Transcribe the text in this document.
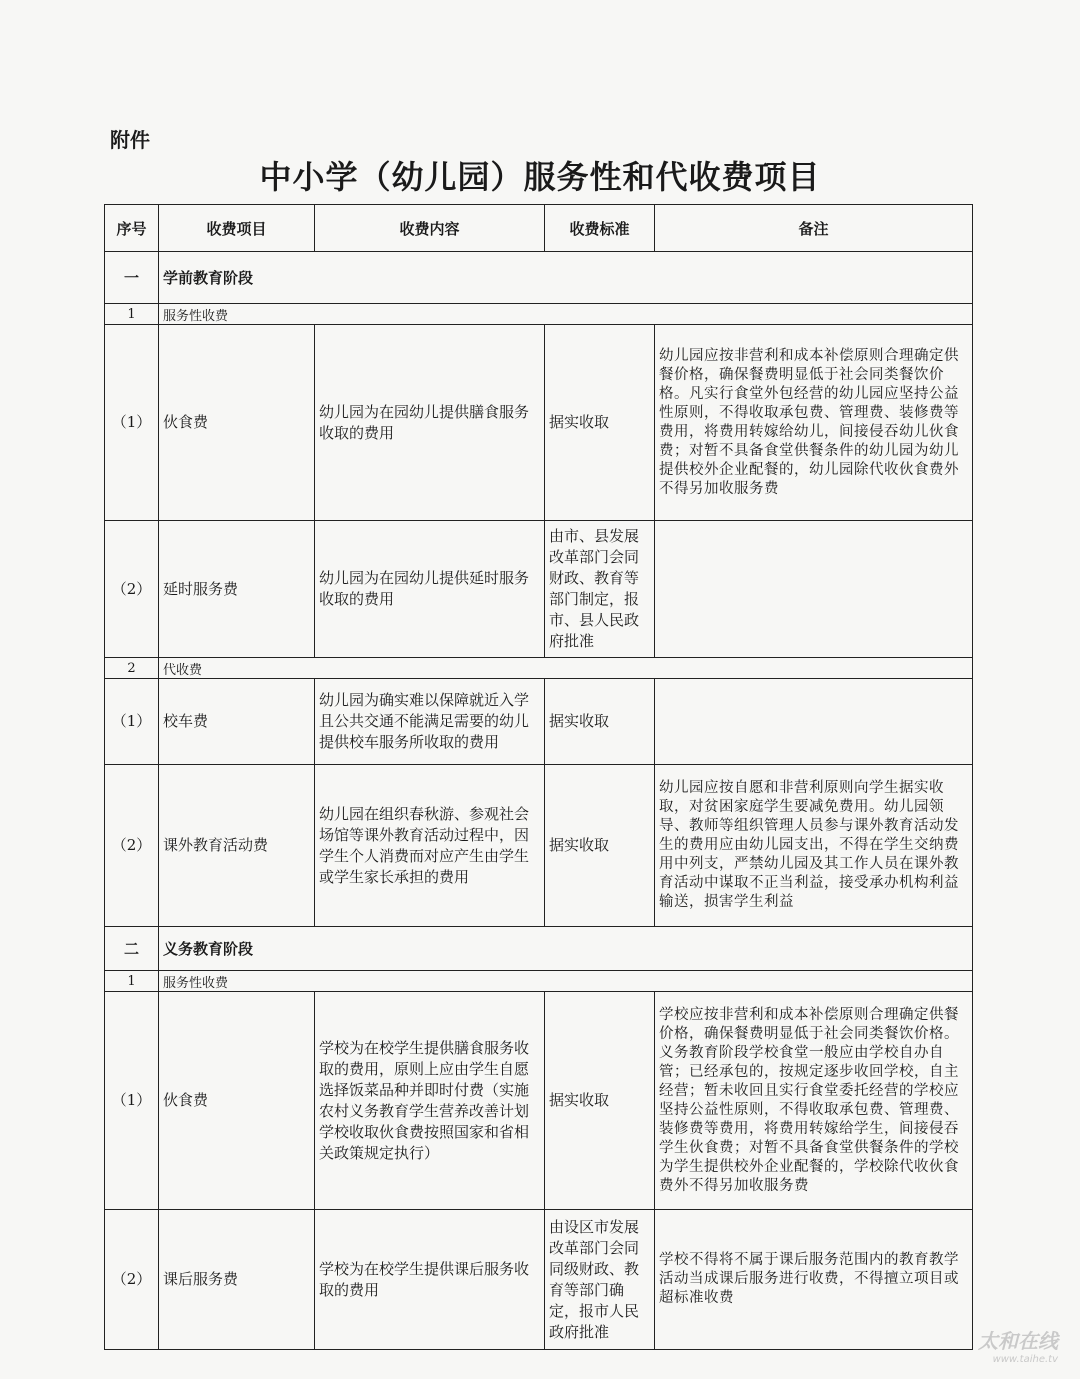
附件
中小学（幼儿园）服务性和代收费项目
序号	收费项目	收费内容	收费标准	备注
一	学前教育阶段			
1	服务性收费			
（1）	伙食费	幼儿园为在园幼儿提供膳食服务收取的费用	据实收取	幼儿园应按非营利和成本补偿原则合理确定供餐价格，确保餐费明显低于社会同类餐饮价格。凡实行食堂外包经营的幼儿园应坚持公益性原则，不得收取承包费、管理费、装修费等费用，将费用转嫁给幼儿，间接侵吞幼儿伙食费；对暂不具备食堂供餐条件的幼儿园为幼儿提供校外企业配餐的，幼儿园除代收伙食费外不得另加收服务费
（2）	延时服务费	幼儿园为在园幼儿提供延时服务收取的费用	由市、县发展改革部门会同财政、教育等部门制定，报市、县人民政府批准	
2	代收费			
（1）	校车费	幼儿园为确实难以保障就近入学且公共交通不能满足需要的幼儿提供校车服务所收取的费用	据实收取	
（2）	课外教育活动费	幼儿园在组织春秋游、参观社会场馆等课外教育活动过程中，因学生个人消费而对应产生由学生或学生家长承担的费用	据实收取	幼儿园应按自愿和非营利原则向学生据实收取，对贫困家庭学生要减免费用。幼儿园领导、教师等组织管理人员参与课外教育活动发生的费用应由幼儿园支出，不得在学生交纳费用中列支，严禁幼儿园及其工作人员在课外教育活动中谋取不正当利益，接受承办机构利益输送，损害学生利益
二	义务教育阶段			
1	服务性收费			
（1）	伙食费	学校为在校学生提供膳食服务收取的费用，原则上应由学生自愿选择饭菜品种并即时付费（实施农村义务教育学生营养改善计划学校收取伙食费按照国家和省相关政策规定执行）	据实收取	学校应按非营利和成本补偿原则合理确定供餐价格，确保餐费明显低于社会同类餐饮价格。义务教育阶段学校食堂一般应由学校自办自管；已经承包的，按规定逐步收回学校，自主经营；暂未收回且实行食堂委托经营的学校应坚持公益性原则，不得收取承包费、管理费、装修费等费用，将费用转嫁给学生，间接侵吞学生伙食费；对暂不具备食堂供餐条件的学校为学生提供校外企业配餐的，学校除代收伙食费外不得另加收服务费
（2）	课后服务费	学校为在校学生提供课后服务收取的费用	由设区市发展改革部门会同同级财政、教育等部门确定，报市人民政府批准	学校不得将不属于课后服务范围内的教育教学活动当成课后服务进行收费，不得擅立项目或超标准收费
太和在线
www.taihe.tv
